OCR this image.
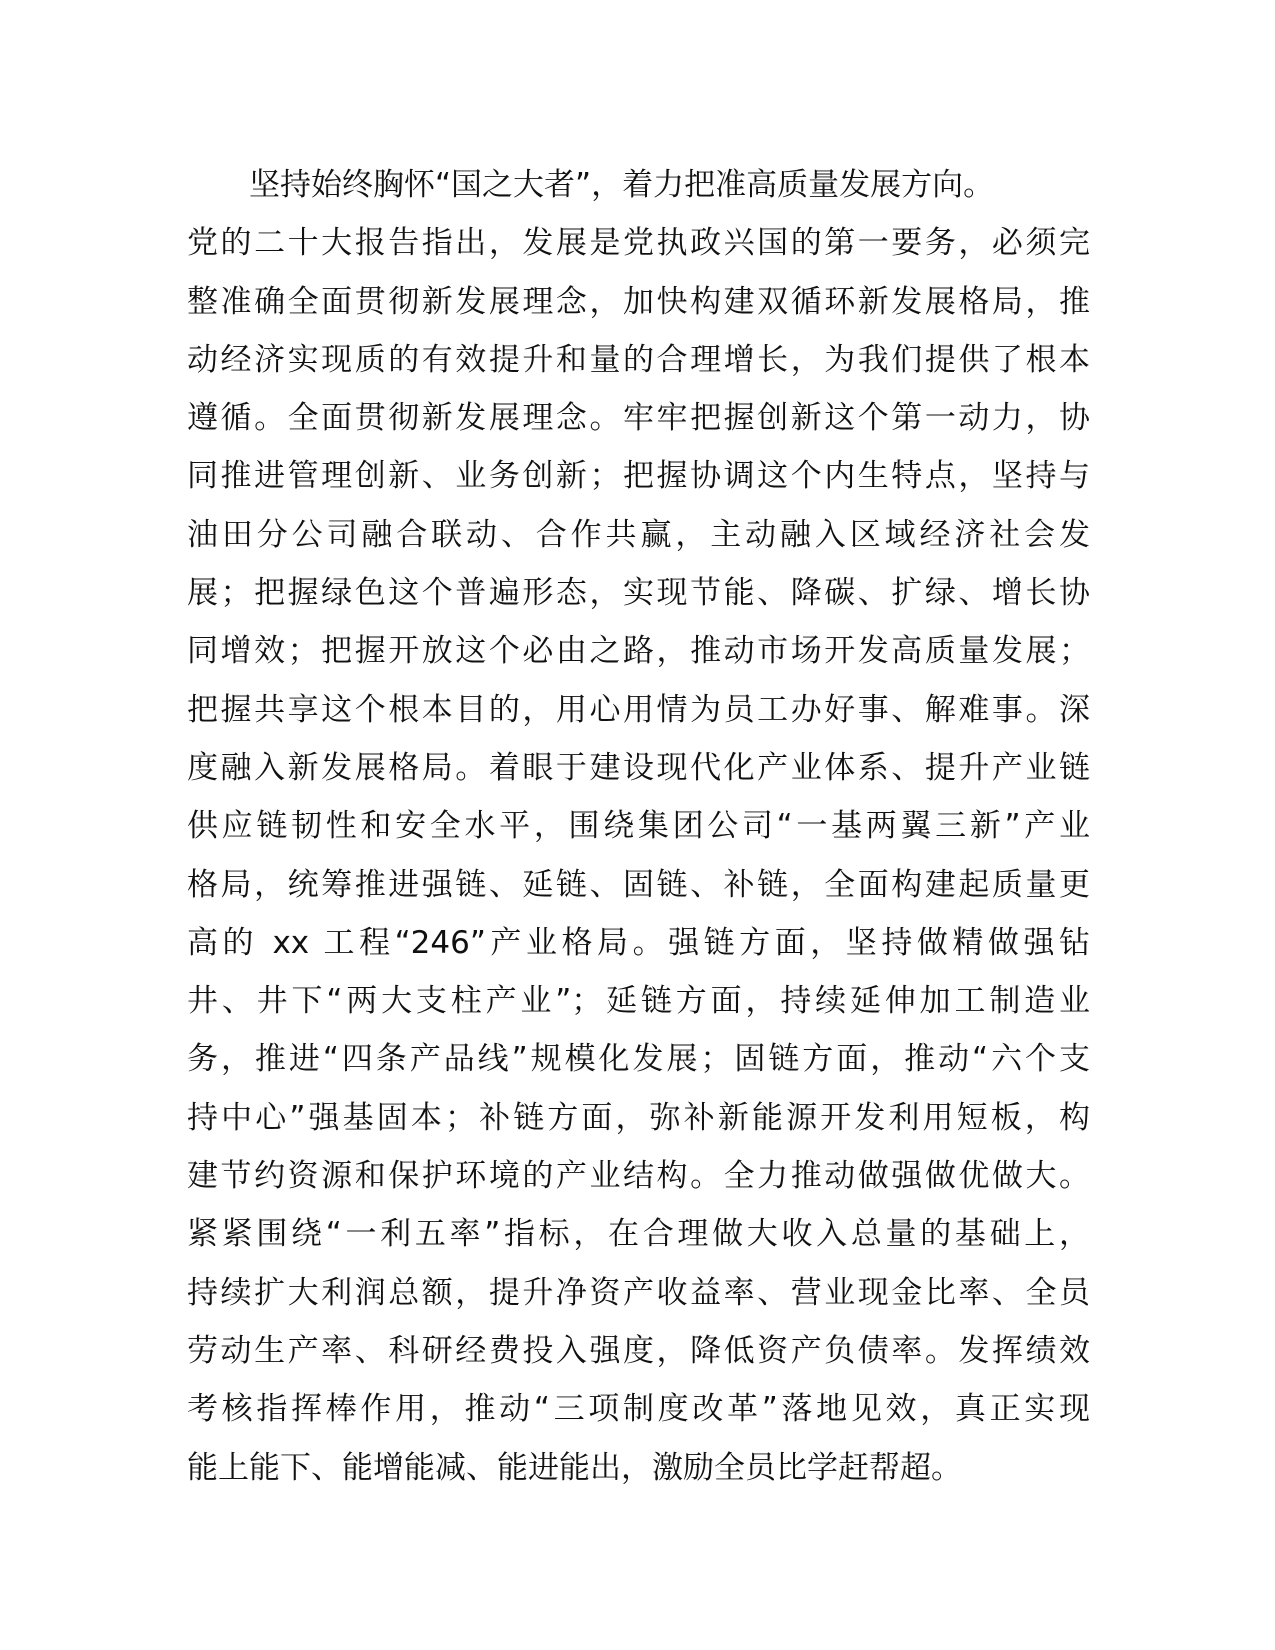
　　坚持始终胸怀“国之大者”，着力把准高质量发展方向。
党的二十大报告指出，发展是党执政兴国的第一要务，必须完
整准确全面贯彻新发展理念，加快构建双循环新发展格局，推
动经济实现质的有效提升和量的合理增长，为我们提供了根本
遵循。全面贯彻新发展理念。牢牢把握创新这个第一动力，协
同推进管理创新、业务创新；把握协调这个内生特点，坚持与
油田分公司融合联动、合作共赢，主动融入区域经济社会发
展；把握绿色这个普遍形态，实现节能、降碳、扩绿、增长协
同增效；把握开放这个必由之路，推动市场开发高质量发展；
把握共享这个根本目的，用心用情为员工办好事、解难事。深
度融入新发展格局。着眼于建设现代化产业体系、提升产业链
供应链韧性和安全水平，围绕集团公司“一基两翼三新”产业
格局，统筹推进强链、延链、固链、补链，全面构建起质量更
高的 xx 工程“246”产业格局。强链方面，坚持做精做强钻
井、井下“两大支柱产业”；延链方面，持续延伸加工制造业
务，推进“四条产品线”规模化发展；固链方面，推动“六个支
持中心”强基固本；补链方面，弥补新能源开发利用短板，构
建节约资源和保护环境的产业结构。全力推动做强做优做大。
紧紧围绕“一利五率”指标，在合理做大收入总量的基础上，
持续扩大利润总额，提升净资产收益率、营业现金比率、全员
劳动生产率、科研经费投入强度，降低资产负债率。发挥绩效
考核指挥棒作用，推动“三项制度改革”落地见效，真正实现
能上能下、能增能减、能进能出，激励全员比学赶帮超。
